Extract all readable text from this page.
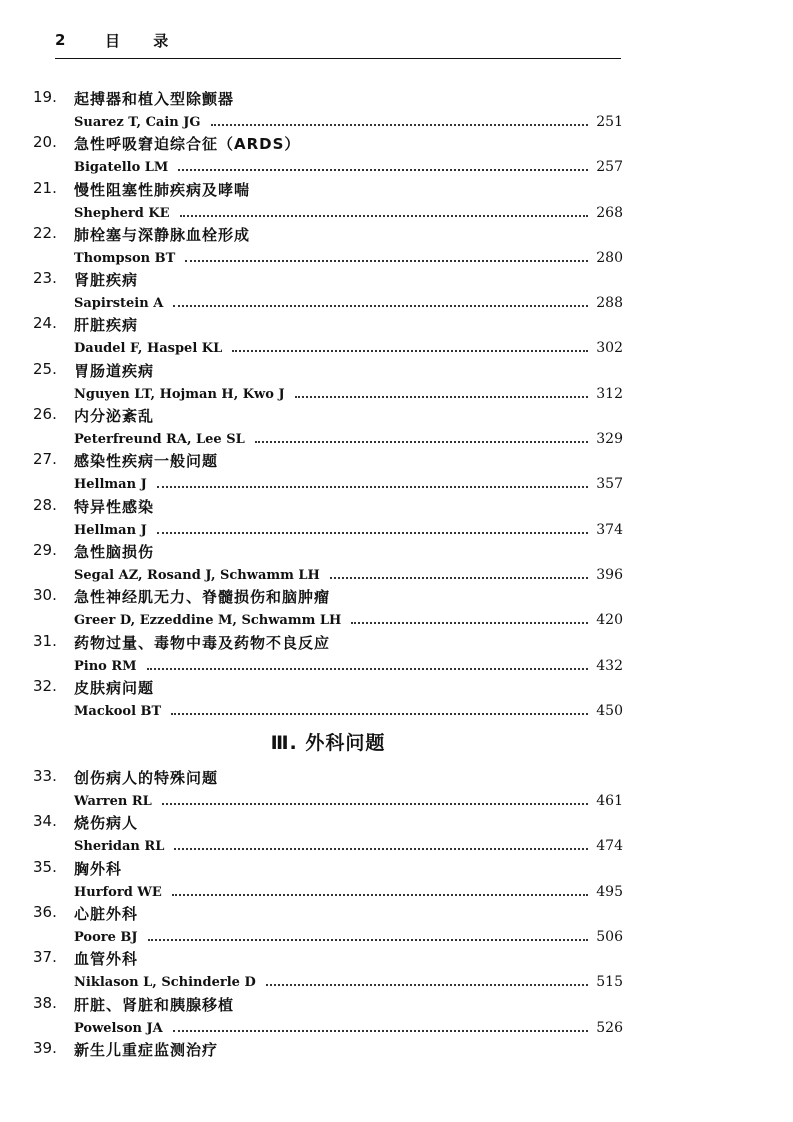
2	目 录
19.	起搏器和植入型除颤器
Suarez T, Cain JG	251
20.	急性呼吸窘迫综合征（ARDS）
Bigatello LM	257
21.	慢性阻塞性肺疾病及哮喘
Shepherd KE	268
22.	肺栓塞与深静脉血栓形成
Thompson BT	280
23.	肾脏疾病
Sapirstein A	288
24.	肝脏疾病
Daudel F, Haspel KL	302
25.	胃肠道疾病
Nguyen LT, Hojman H, Kwo J	312
26.	内分泌紊乱
Peterfreund RA, Lee SL	329
27.	感染性疾病一般问题
Hellman J	357
28.	特异性感染
Hellman J	374
29.	急性脑损伤
Segal AZ, Rosand J, Schwamm LH	396
30.	急性神经肌无力、脊髓损伤和脑肿瘤
Greer D, Ezzeddine M, Schwamm LH	420
31.	药物过量、毒物中毒及药物不良反应
Pino RM	432
32.	皮肤病问题
Mackool BT	450
Ⅲ. 外科问题
33.	创伤病人的特殊问题
Warren RL	461
34.	烧伤病人
Sheridan RL	474
35.	胸外科
Hurford WE	495
36.	心脏外科
Poore BJ	506
37.	血管外科
Niklason L, Schinderle D	515
38.	肝脏、肾脏和胰腺移植
Powelson JA	526
39.	新生儿重症监测治疗
